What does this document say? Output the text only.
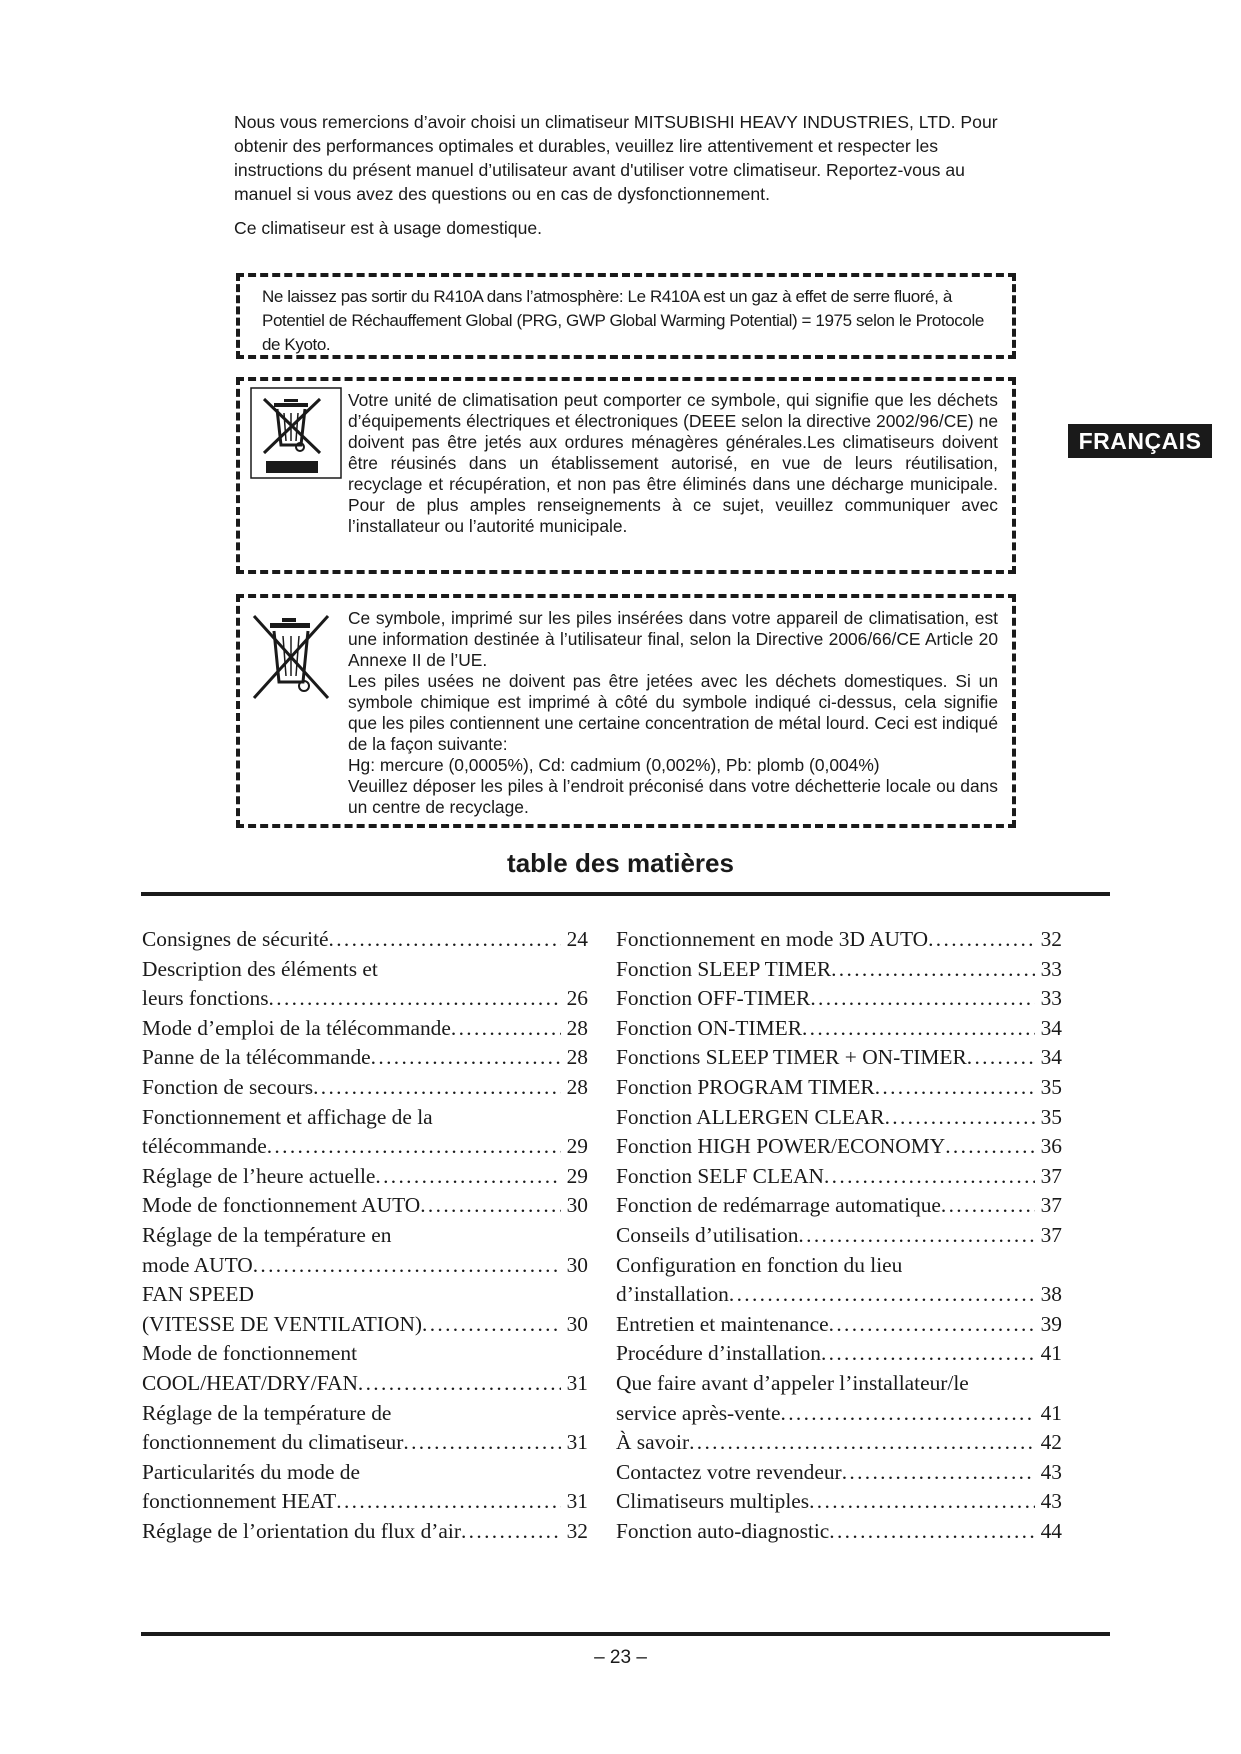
Nous vous remercions d’avoir choisi un climatiseur MITSUBISHI HEAVY INDUSTRIES, LTD. Pour obtenir des performances optimales et durables, veuillez lire attentivement et respecter les instructions du présent manuel d’utilisateur avant d'utiliser votre climatiseur. Reportez-vous au manuel si vous avez des questions ou en cas de dysfonctionnement.

Ce climatiseur est à usage domestique.

Ne laissez pas sortir du R410A dans l’atmosphère: Le R410A est un gaz à effet de serre fluoré, à Potentiel de Réchauffement Global (PRG, GWP Global Warming Potential) = 1975 selon le Protocole de Kyoto.
Votre unité de climatisation peut comporter ce symbole, qui signifie que les déchets d’équipements électriques et électroniques (DEEE selon la directive 2002/96/CE) ne doivent pas être jetés aux ordures ménagères générales.Les climatiseurs doivent être réusinés dans un établissement autorisé, en vue de leurs réutilisation, recyclage et récupération, et non pas être éliminés dans une décharge municipale. Pour de plus amples renseignements à ce sujet, veuillez communiquer avec l’installateur ou l’autorité municipale.
Ce symbole, imprimé sur les piles insérées dans votre appareil de climatisation, est une information destinée à l’utilisateur final, selon la Directive 2006/66/CE Article 20 Annexe II de l’UE.
Les piles usées ne doivent pas être jetées avec les déchets domestiques. Si un symbole chimique est imprimé à côté du symbole indiqué ci-dessus, cela signifie que les piles contiennent une certaine concentration de métal lourd. Ceci est indiqué de la façon suivante:
Hg: mercure (0,0005%), Cd: cadmium (0,002%), Pb: plomb (0,004%)
Veuillez déposer les piles à l’endroit préconisé dans votre déchetterie locale ou dans un centre de recyclage.
FRANÇAIS
table des matières
Consignes de sécurité . . .	24
Description des éléments et
leurs fonctions . . .	26
Mode d’emploi de la télécommande . . .	28
Panne de la télécommande . . .	28
Fonction de secours . . .	28
Fonctionnement et affichage de la
télécommande . . .	29
Réglage de l’heure actuelle . . .	29
Mode de fonctionnement AUTO . . .	30
Réglage de la température en
mode AUTO . . .	30
FAN SPEED
(VITESSE DE VENTILATION) . . .	30
Mode de fonctionnement
COOL/HEAT/DRY/FAN . . .	31
Réglage de la température de
fonctionnement du climatiseur . . .	31
Particularités du mode de
fonctionnement HEAT . . .	31
Réglage de l’orientation du flux d’air . . .	32
Fonctionnement en mode 3D AUTO . . .	32
Fonction SLEEP TIMER . . .	33
Fonction OFF-TIMER . . .	33
Fonction ON-TIMER . . .	34
Fonctions SLEEP TIMER + ON-TIMER . . .	34
Fonction PROGRAM TIMER . . .	35
Fonction ALLERGEN CLEAR . . .	35
Fonction HIGH POWER/ECONOMY . . .	36
Fonction SELF CLEAN . . .	37
Fonction de redémarrage automatique . . .	37
Conseils d’utilisation . . .	37
Configuration en fonction du lieu
d’installation . . .	38
Entretien et maintenance . . .	39
Procédure d’installation . . .	41
Que faire avant d’appeler l’installateur/le
service après-vente . . .	41
À savoir . . .	42
Contactez votre revendeur . . .	43
Climatiseurs multiples . . .	43
Fonction auto-diagnostic . . .	44

– 23 –
